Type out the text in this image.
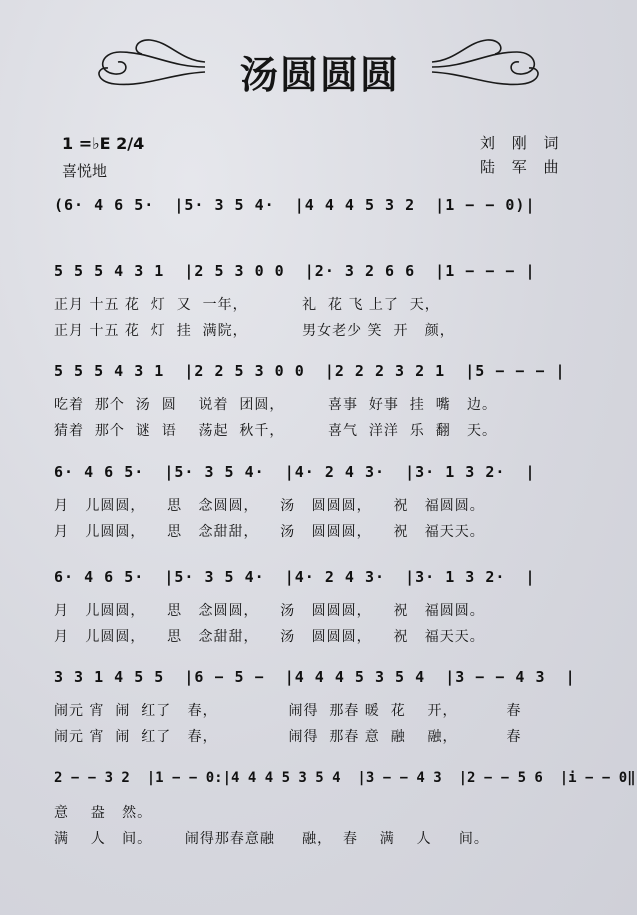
汤圆圆圆
1 =♭E 2/4
喜悦地
刘 刚 词
陆 军 曲
(6· 4 6 5·  |5· 3 5 4·  |4 4 4 5 3 2  |1 − − 0)|
5 5 5 4 3 1  |2 5 3 0 0  |2· 3 2 6 6  |1 − − − |
正月 十五 花  灯  又  一年，          礼  花 飞 上了  天，
正月 十五 花  灯  挂  满院，          男女老少 笑  开   颜，
5 5 5 4 3 1  |2 2 5 3 0 0  |2 2 2 3 2 1  |5 − − − |
吃着  那个  汤  圆    说着  团圆，        喜事  好事  挂  嘴   边。
猜着  那个  谜  语    荡起  秋千，        喜气  洋洋  乐  翻   天。
6· 4 6 5·  |5· 3 5 4·  |4· 2 4 3·  |3· 1 3 2·  |
月   儿圆圆，    思   念圆圆，    汤   圆圆圆，    祝   福圆圆。
月   儿圆圆，    思   念甜甜，    汤   圆圆圆，    祝   福天天。
6· 4 6 5·  |5· 3 5 4·  |4· 2 4 3·  |3· 1 3 2·  |
月   儿圆圆，    思   念圆圆，    汤   圆圆圆，    祝   福圆圆。
月   儿圆圆，    思   念甜甜，    汤   圆圆圆，    祝   福天天。
3 3 1 4 5 5  |6 − 5 −  |4 4 4 5 3 5 4  |3 − − 4 3  |
闹元 宵  闹  红了   春，             闹得  那春 暖  花    开，         春
闹元 宵  闹  红了   春，             闹得  那春 意  融    融，         春
2 − − 3 2  |1 − − 0:|4 4 4 5 3 5 4  |3 − − 4 3  |2 − − 5 6  |i − − 0‖
意    盎   然。
满    人   间。      闹得那春意融     融，  春    满    人     间。
